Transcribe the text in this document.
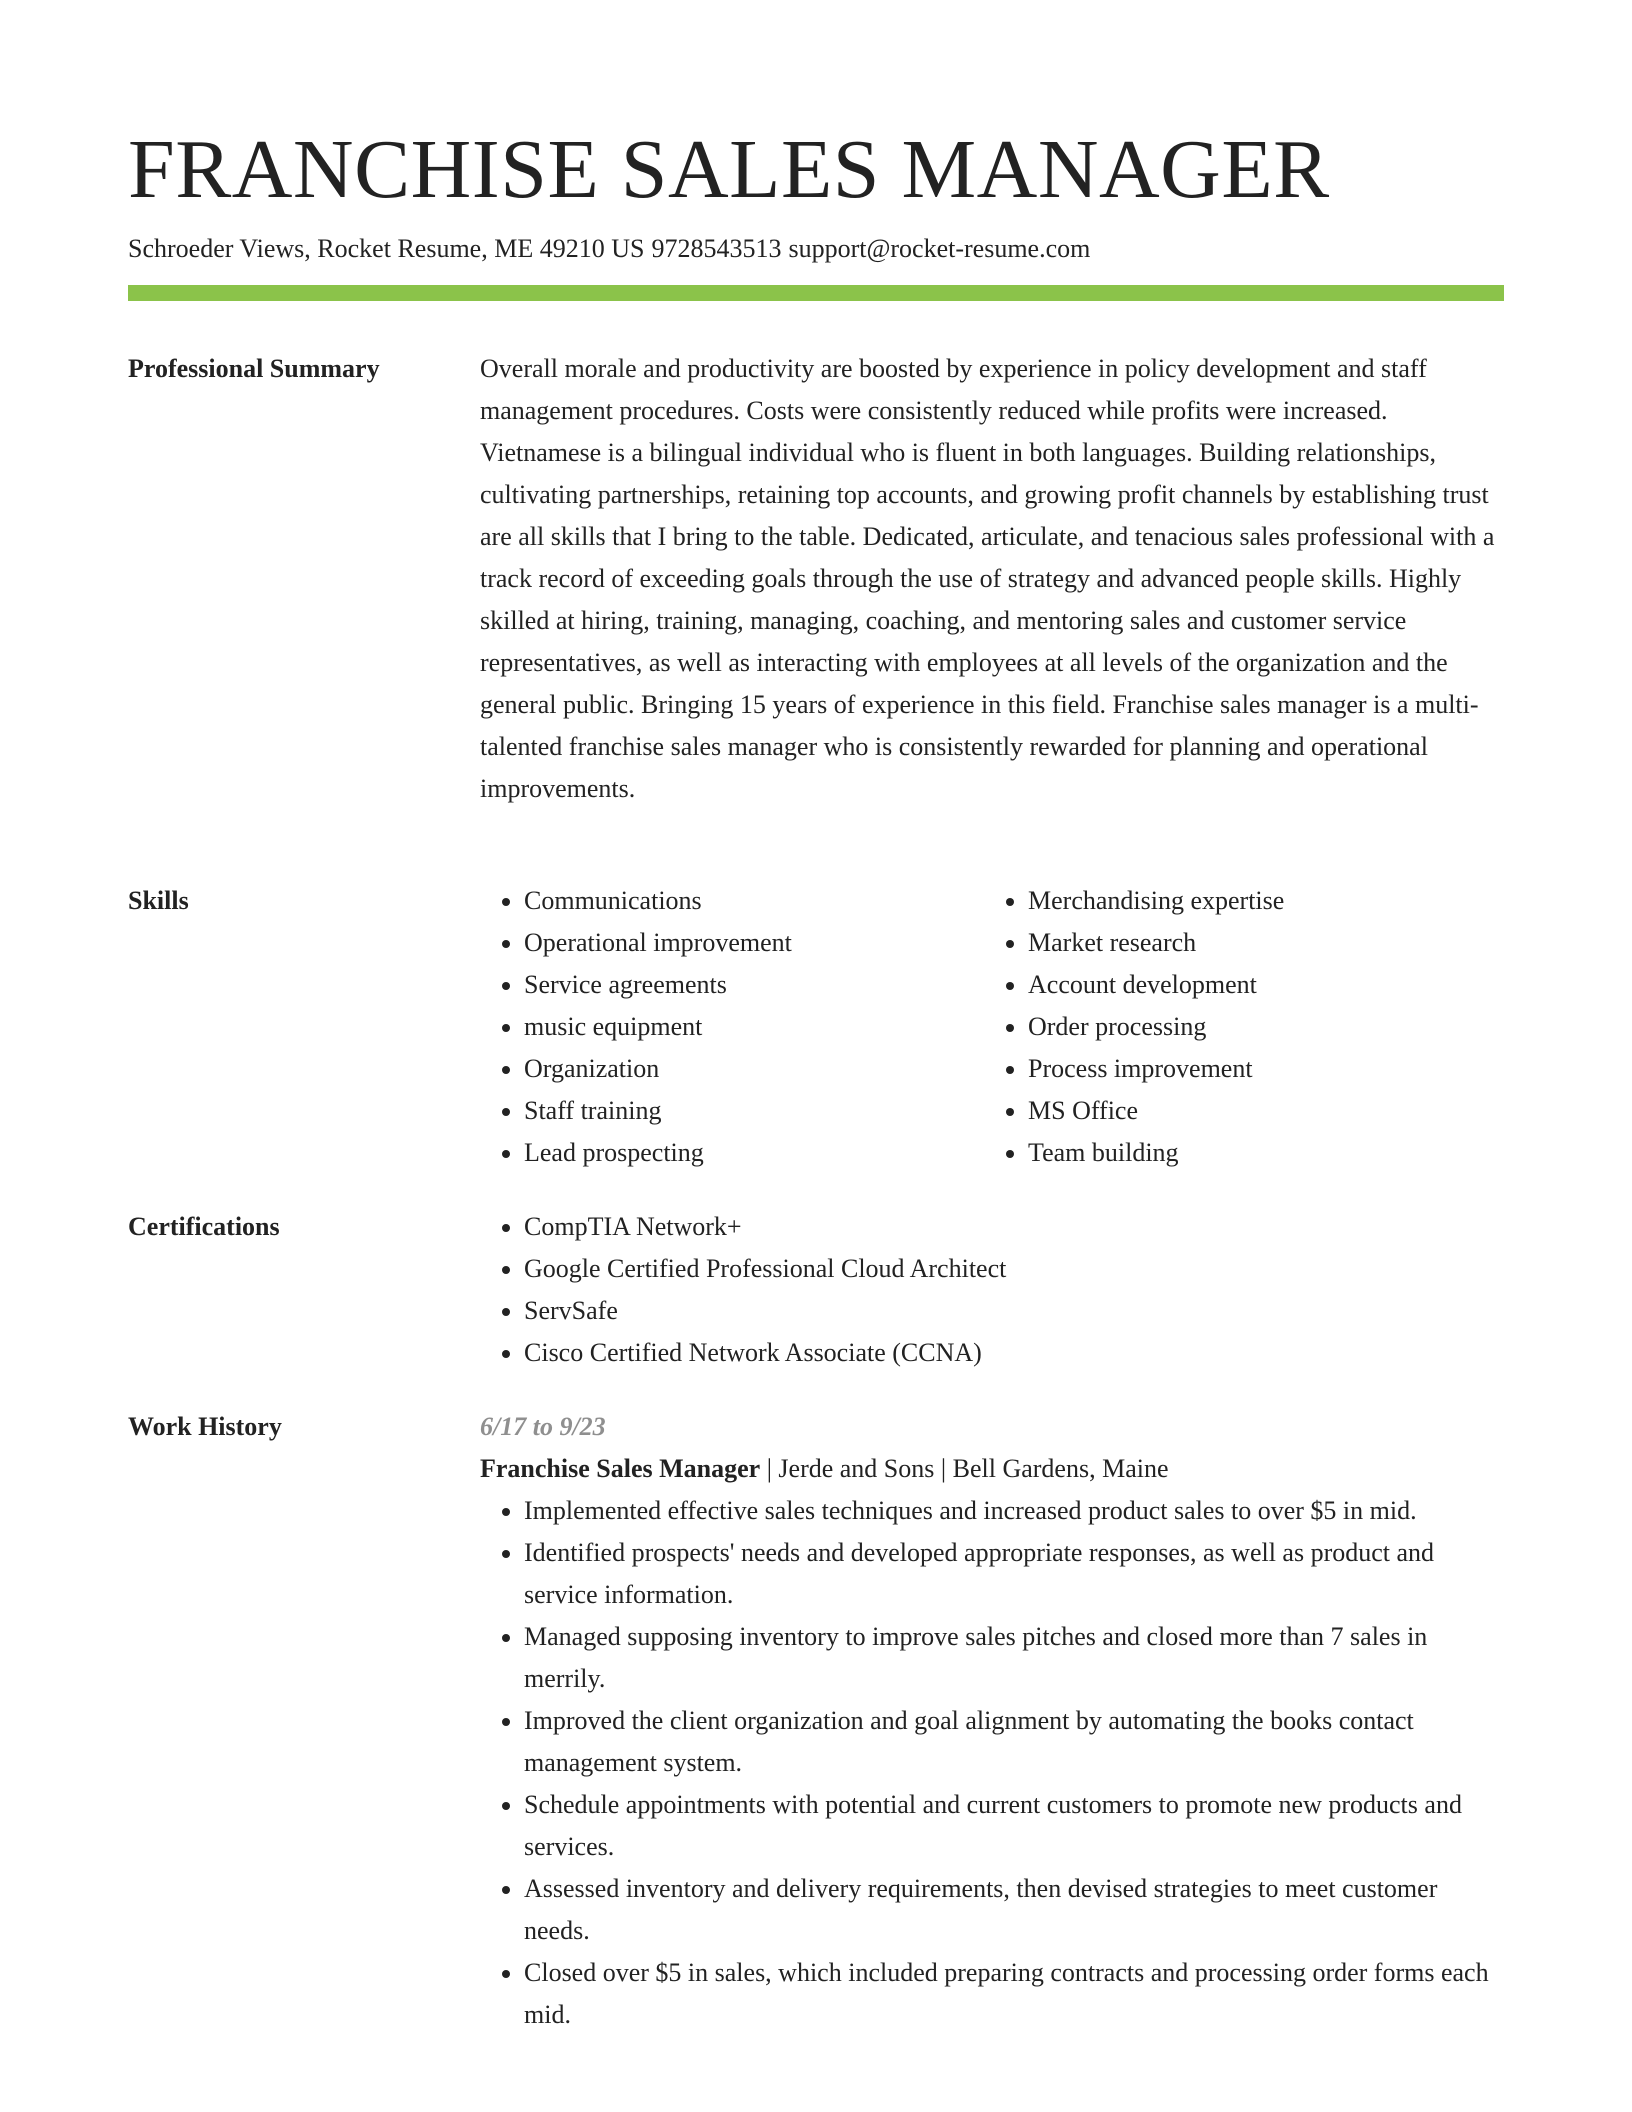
FRANCHISE SALES MANAGER
Schroeder Views, Rocket Resume, ME 49210 US 9728543513 support@rocket-resume.com
Professional Summary	Overall morale and productivity are boosted by experience in policy development and staff management procedures. Costs were consistently reduced while profits were increased. Vietnamese is a bilingual individual who is fluent in both languages. Building relationships, cultivating partnerships, retaining top accounts, and growing profit channels by establishing trust are all skills that I bring to the table. Dedicated, articulate, and tenacious sales professional with a track record of exceeding goals through the use of strategy and advanced people skills. Highly skilled at hiring, training, managing, coaching, and mentoring sales and customer service representatives, as well as interacting with employees at all levels of the organization and the general public. Bringing 15 years of experience in this field. Franchise sales manager is a multi-talented franchise sales manager who is consistently rewarded for planning and operational improvements.

Skills	• Communications
• Operational improvement
• Service agreements
• music equipment
• Organization
• Staff training
• Lead prospecting
• Merchandising expertise
• Market research
• Account development
• Order processing
• Process improvement
• MS Office
• Team building
Certifications	• CompTIA Network+
• Google Certified Professional Cloud Architect
• ServSafe
• Cisco Certified Network Associate (CCNA)
Work History	6/17 to 9/23
Franchise Sales Manager | Jerde and Sons | Bell Gardens, Maine
• Implemented effective sales techniques and increased product sales to over $5 in mid.
• Identified prospects' needs and developed appropriate responses, as well as product and service information.
• Managed supposing inventory to improve sales pitches and closed more than 7 sales in merrily.
• Improved the client organization and goal alignment by automating the books contact management system.
• Schedule appointments with potential and current customers to promote new products and services.
• Assessed inventory and delivery requirements, then devised strategies to meet customer needs.
• Closed over $5 in sales, which included preparing contracts and processing order forms each mid.
